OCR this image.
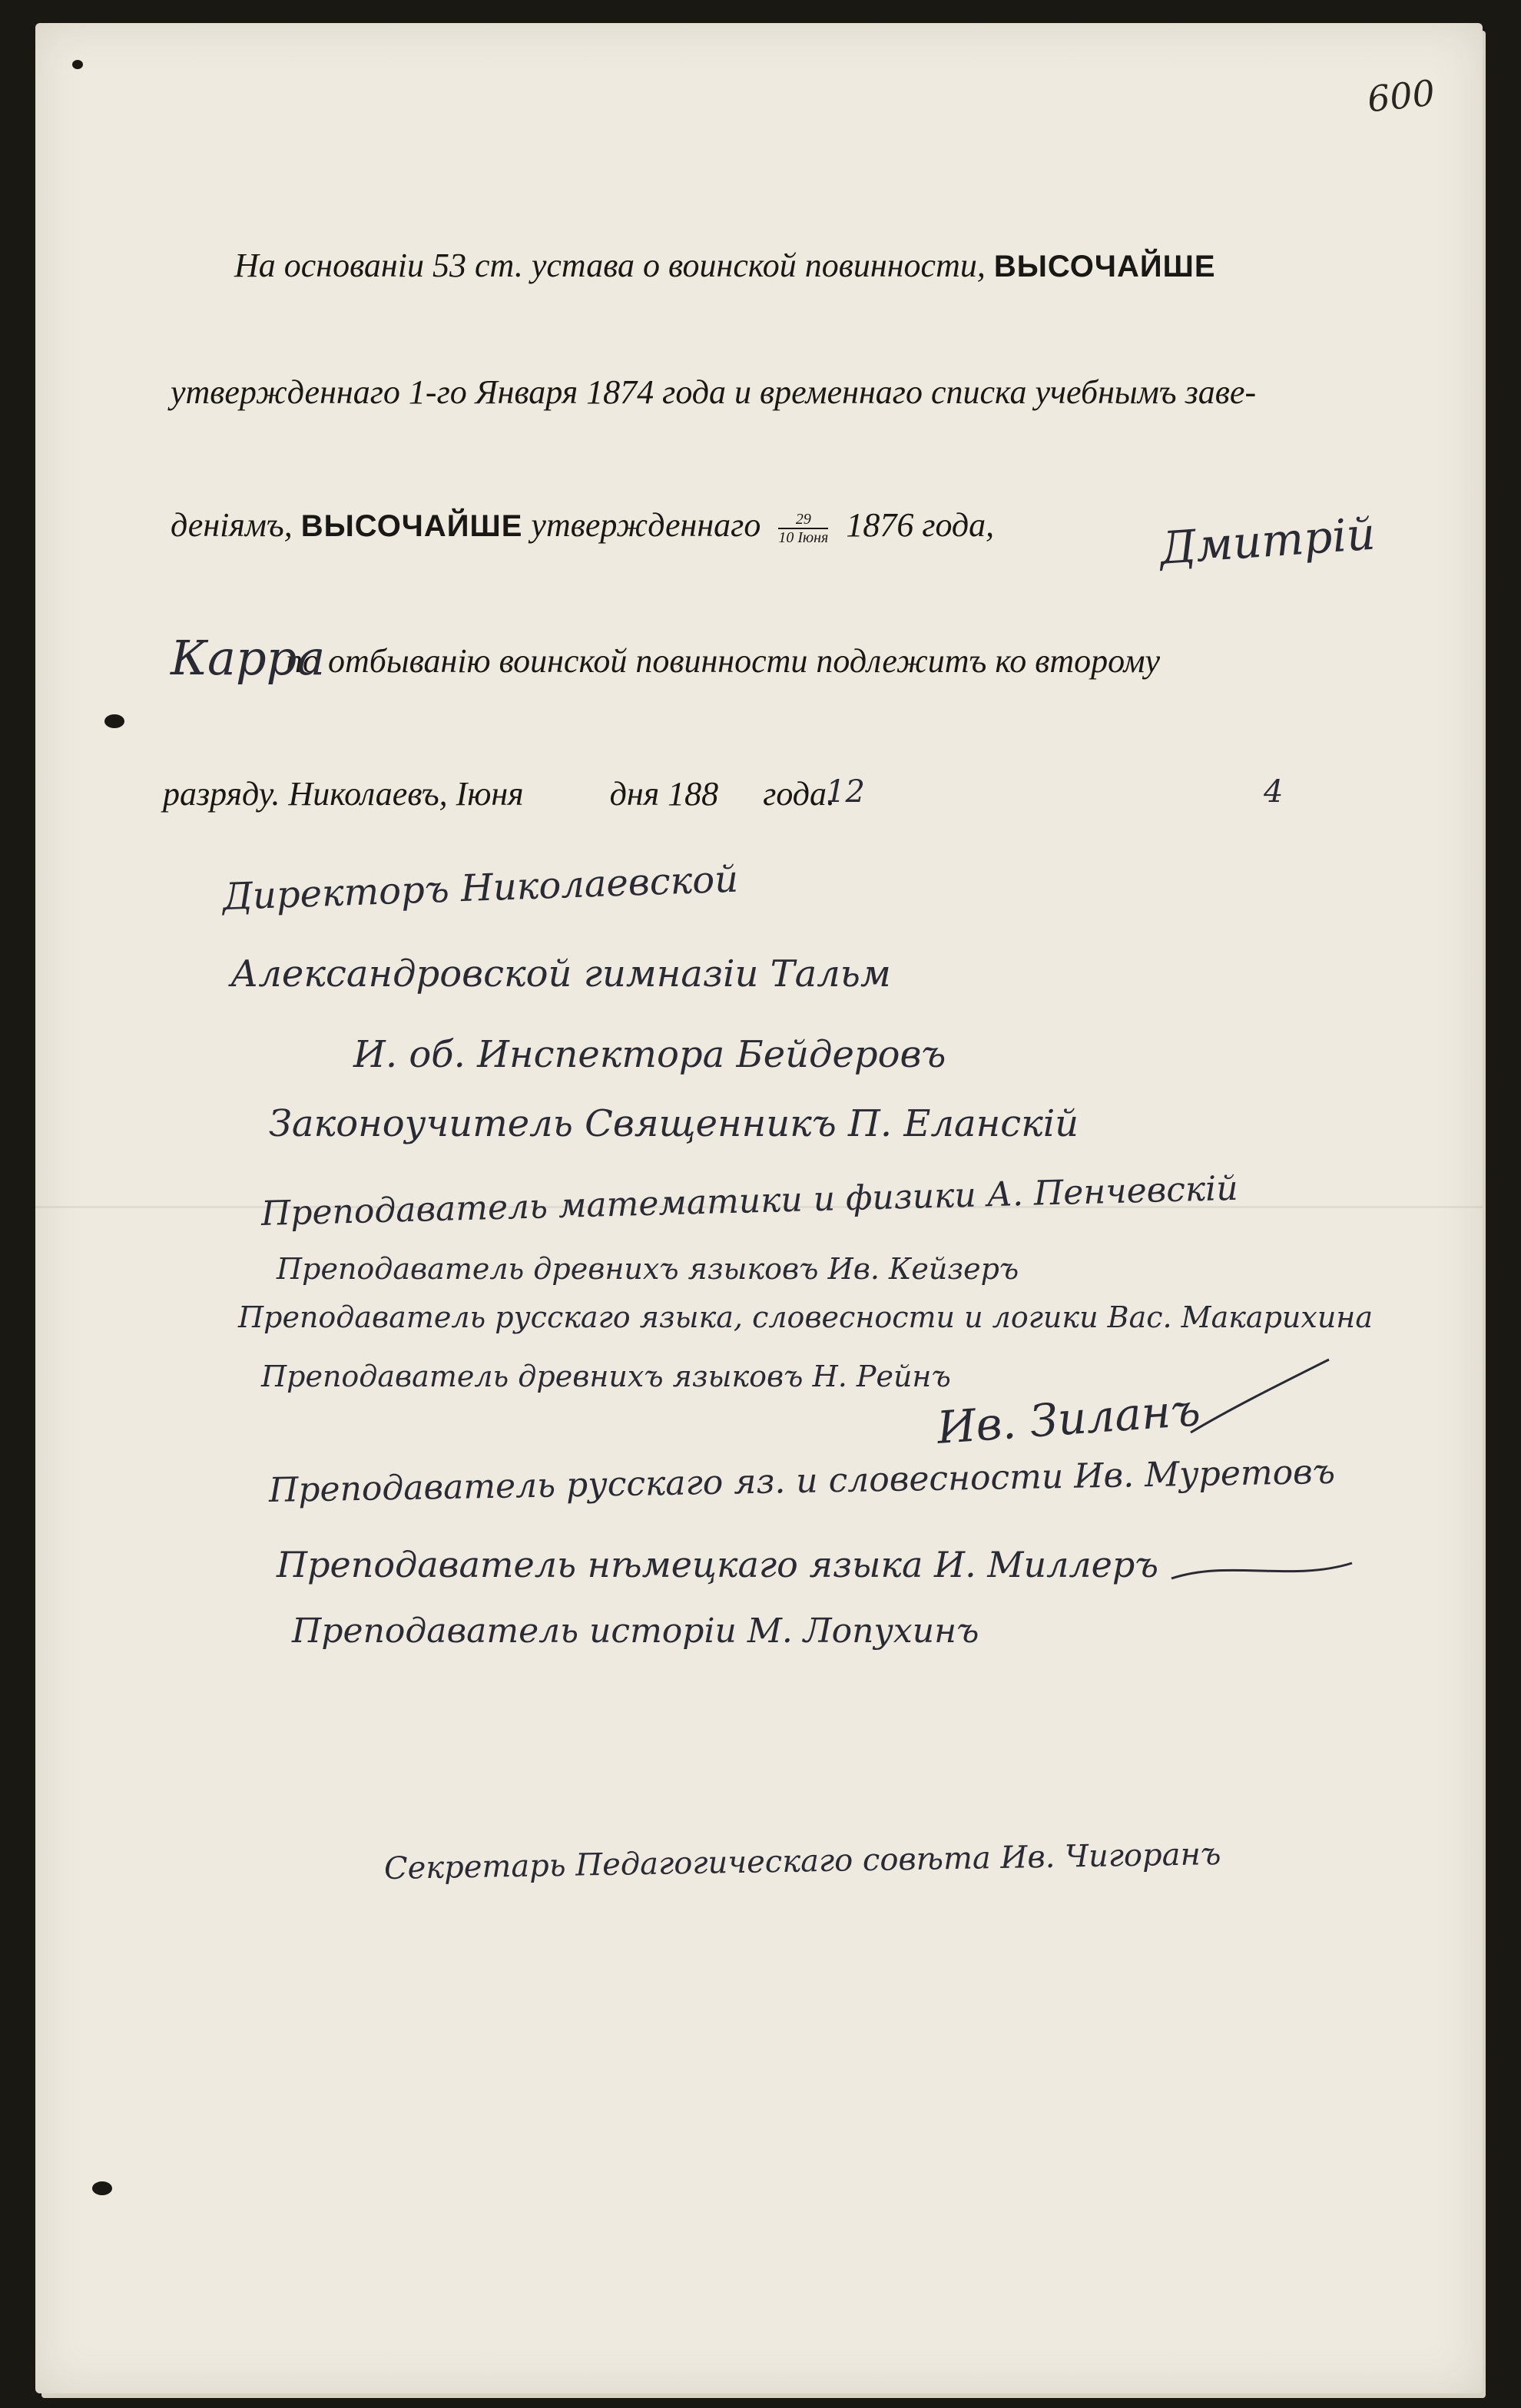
600
На основанiи 53 ст. устава о воинской повинности, ВЫСОЧАЙШЕ
утвержденнаго 1-го Января 1874 года и временнаго списка учебнымъ заве-
денiямъ, ВЫСОЧАЙШЕ утвержденнаго $\frac{29}{\text{10 Iюня}} 1876$ года,
по отбыванiю воинской повинности подлежитъ ко второму
разряду. Николаевъ, Iюня	дня 188 года.
Дмитрiй
Карра
12	4
Директоръ Николаевской
Александровской гимназiи Тальм
И. об. Инспектора Бейдеровъ
Законоучитель Священникъ П. Еланскiй
Преподаватель математики и физики А. Пенчевскiй
Преподаватель древнихъ языковъ Ив. Кейзеръ
Преподаватель русскаго языка, словесности и логики Вас. Макарихина
Преподаватель древнихъ языковъ Н. Рейнъ
Ив. Зиланъ
Преподаватель русскаго яз. и словесности Ив. Муретовъ
Преподаватель нѣмецкаго языка И. Миллеръ
Преподаватель исторiи М. Лопухинъ
Секретарь Педагогическаго совѣта Ив. Чигоранъ
